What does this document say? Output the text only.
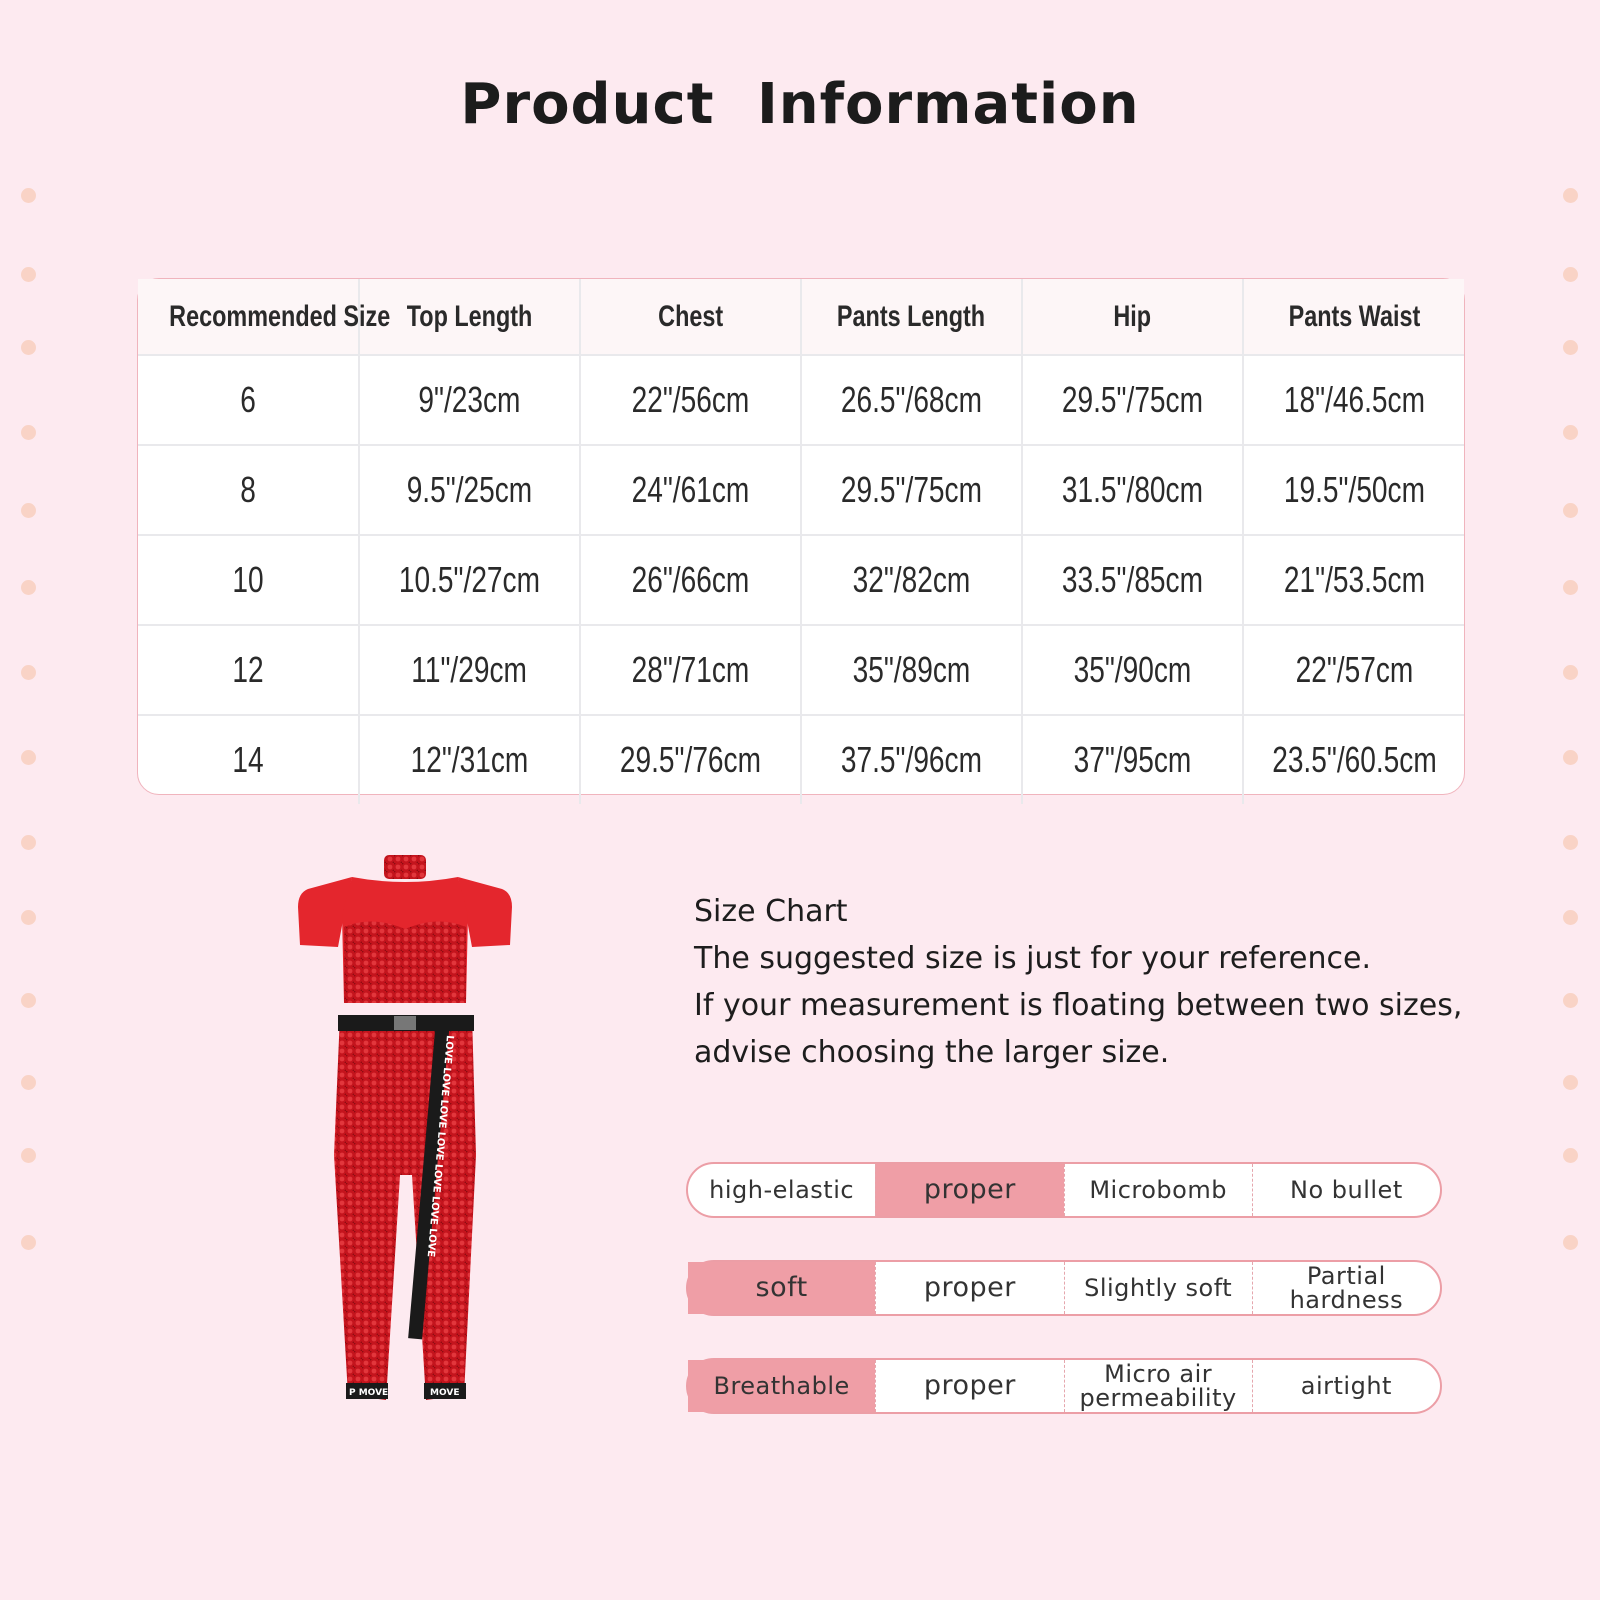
Product Information
Recommended Size	Top Length	Chest	Pants Length	Hip	Pants Waist
6	9"/23cm	22"/56cm	26.5"/68cm	29.5"/75cm	18"/46.5cm
8	9.5"/25cm	24"/61cm	29.5"/75cm	31.5"/80cm	19.5"/50cm
10	10.5"/27cm	26"/66cm	32"/82cm	33.5"/85cm	21"/53.5cm
12	11"/29cm	28"/71cm	35"/89cm	35"/90cm	22"/57cm
14	12"/31cm	29.5"/76cm	37.5"/96cm	37"/95cm	23.5"/60.5cm
LOVE LOVE LOVE LOVE LOVE LOVE LOVE
P MOVE	MOVE
Size Chart
The suggested size is just for your reference.
If your measurement is floating between two sizes,
advise choosing the larger size.
high-elastic	proper	Microbomb	No bullet
soft	proper	Slightly soft	Partial hardness
Breathable	proper	Micro air permeability	airtight
